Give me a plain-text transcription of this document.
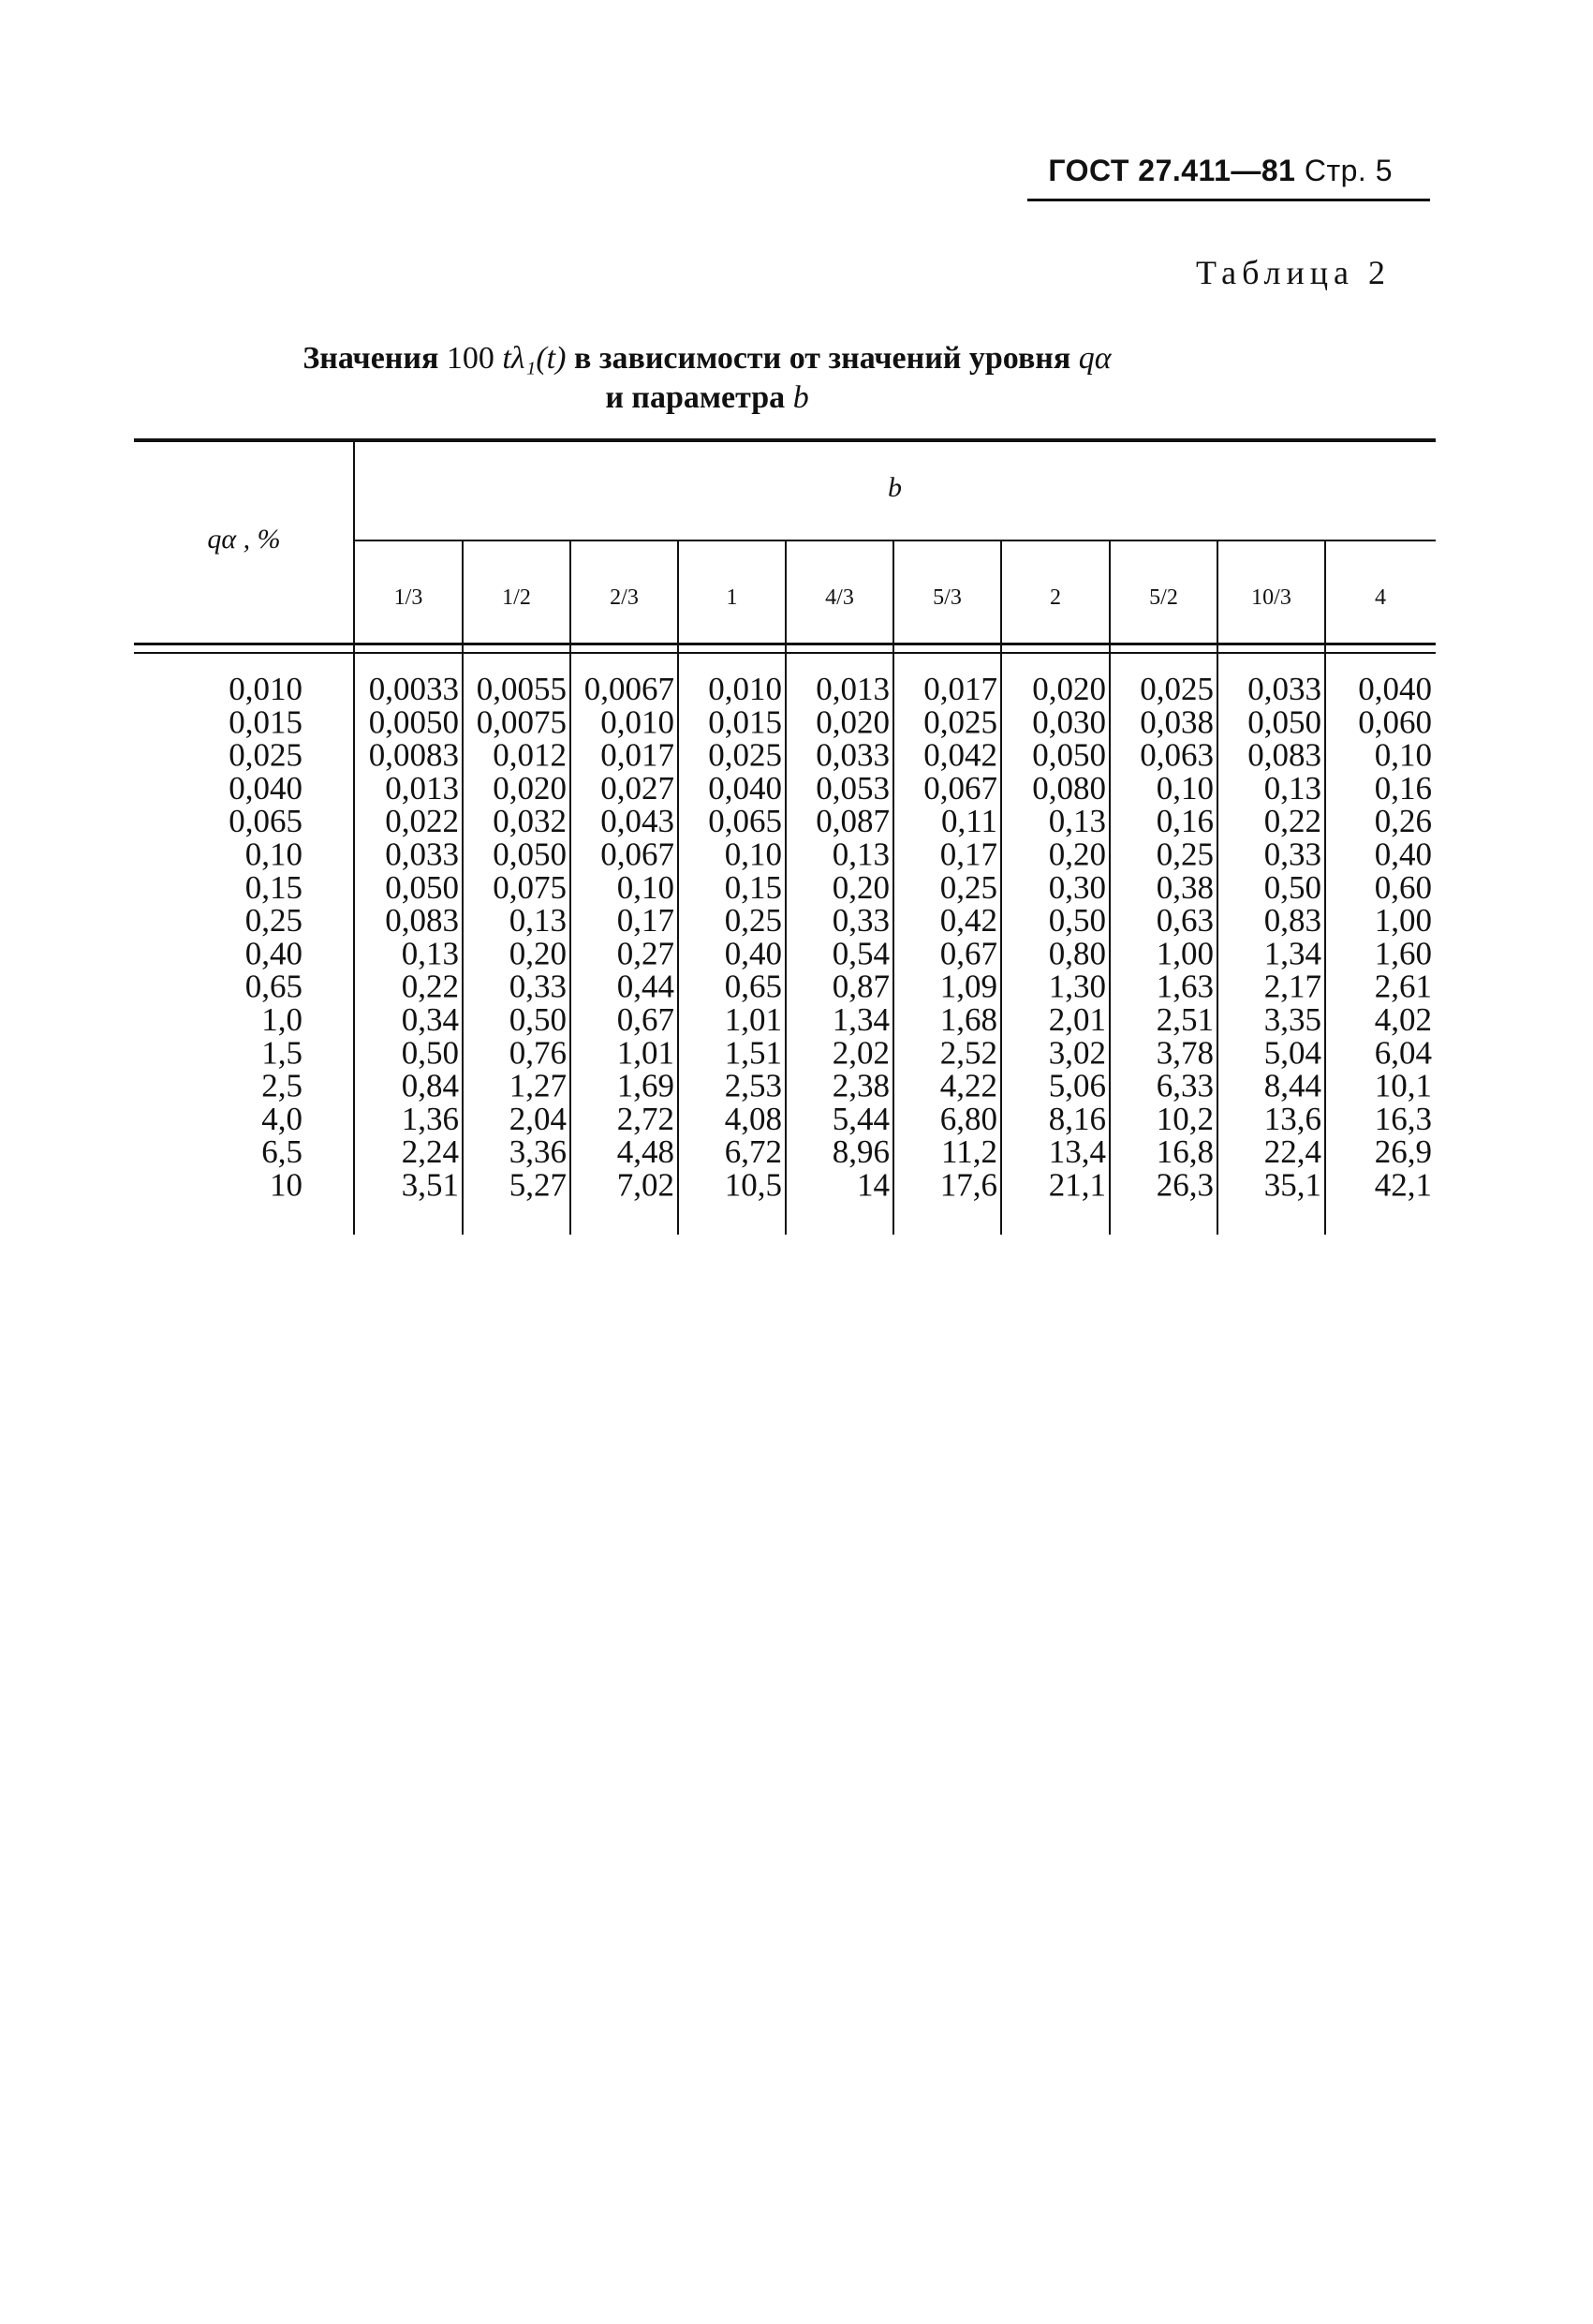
ГОСТ 27.411—81 Стр. 5
Таблица 2
Значения 100 tλ₁(t) в зависимости от значений уровня qα
и параметра b
qα , %
b
1/3	1/2	2/3	1	4/3	5/3	2	5/2	10/3	4
0,010 0,0033 0,0055 0,0067 0,010 0,013 0,017 0,020 0,025 0,033 0,040
0,015 0,0050 0,0075 0,010 0,015 0,020 0,025 0,030 0,038 0,050 0,060
0,025 0,0083 0,012 0,017 0,025 0,033 0,042 0,050 0,063 0,083 0,10
0,040	0,013 0,020 0,027 0,040 0,053 0,067 0,080 0,10 0,13 0,16
0,065	0,022 0,032 0,043 0,065 0,087 0,11 0,13 0,16 0,22 0,26
0,10	0,033 0,050 0,067 0,10 0,13 0,17 0,20 0,25 0,33 0,40
0,15	0,050 0,075 0,10 0,15 0,20 0,25 0,30 0,38 0,50 0,60
0,25	0,083 0,13 0,17 0,25 0,33 0,42 0,50 0,63 0,83 1,00
0,40	0,13 0,20 0,27 0,40 0,54 0,67 0,80 1,00 1,34 1,60
0,65	0,22 0,33 0,44 0,65 0,87 1,09 1,30 1,63 2,17 2,61
1,0	0,34 0,50 0,67 1,01 1,34 1,68 2,01 2,51 3,35 4,02
1,5	0,50 0,76 1,01 1,51 2,02 2,52 3,02 3,78 5,04 6,04
2,5	0,84 1,27 1,69 2,53 2,38 4,22 5,06 6,33 8,44 10,1
4,0	1,36 2,04 2,72 4,08 5,44 6,80 8,16 10,2 13,6 16,3
6,5	2,24 3,36 4,48 6,72 8,96 11,2 13,4 16,8 22,4 26,9
10	3,51 5,27 7,02 10,5 14 17,6 21,1 26,3 35,1 42,1
